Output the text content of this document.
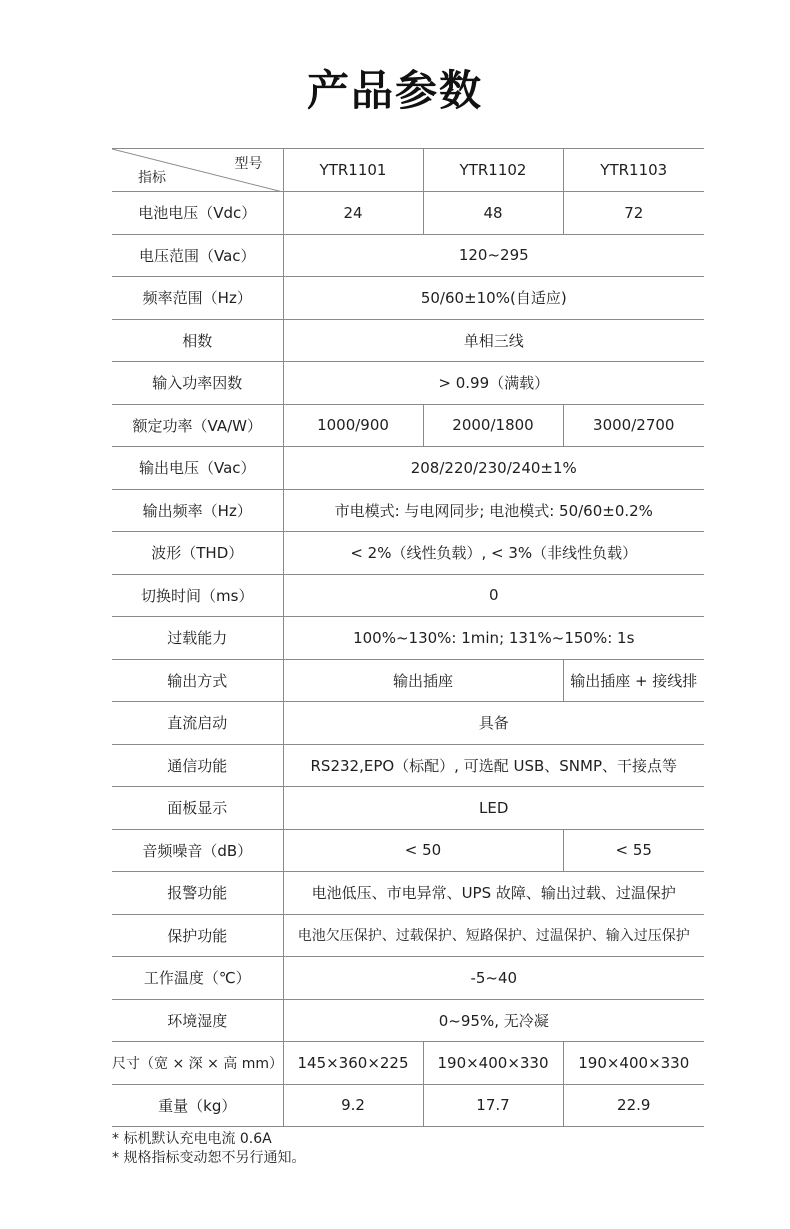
产品参数
型号
指标	YTR1101	YTR1102	YTR1103
电池电压（Vdc）	24	48	72
电压范围（Vac）	120~295		
频率范围（Hz）	50/60±10%(自适应)		
相数	单相三线		
输入功率因数	> 0.99（满载）		
额定功率（VA/W）	1000/900	2000/1800	3000/2700
输出电压（Vac）	208/220/230/240±1%		
输出频率（Hz）	市电模式: 与电网同步; 电池模式: 50/60±0.2%		
波形（THD）	< 2%（线性负载）, < 3%（非线性负载）		
切换时间（ms）	0		
过载能力	100%~130%: 1min; 131%~150%: 1s		
输出方式	输出插座		输出插座 + 接线排
直流启动	具备		
通信功能	RS232,EPO（标配）, 可选配 USB、SNMP、干接点等		
面板显示	LED		
音频噪音（dB）	< 50		< 55
报警功能	电池低压、市电异常、UPS 故障、输出过载、过温保护		
保护功能	电池欠压保护、过载保护、短路保护、过温保护、输入过压保护		
工作温度（℃）	-5~40		
环境湿度	0~95%, 无冷凝		
尺寸（宽 × 深 × 高 mm）	145×360×225	190×400×330	190×400×330
重量（kg）	9.2	17.7	22.9
* 标机默认充电电流 0.6A
* 规格指标变动恕不另行通知。
